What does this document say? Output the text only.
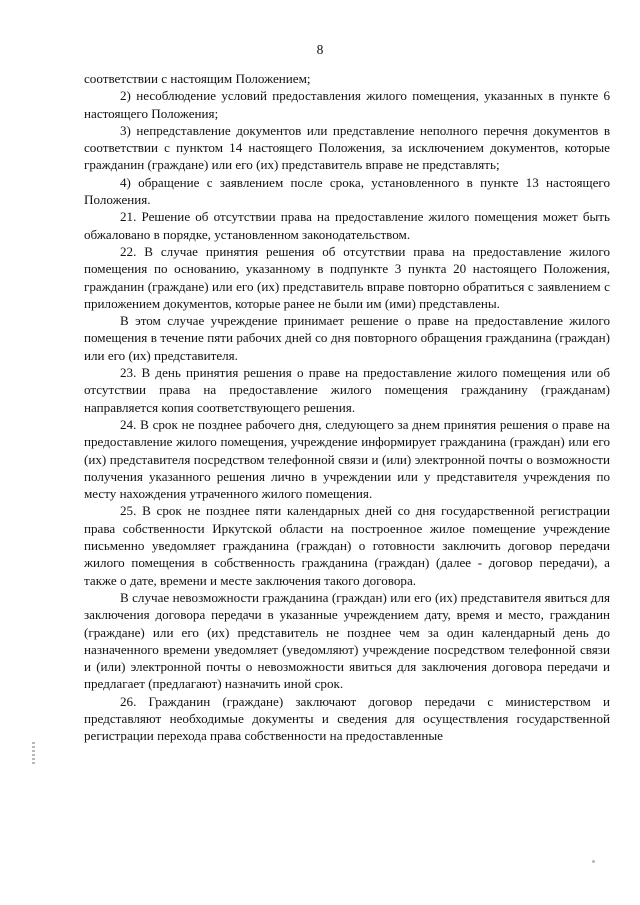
8

соответствии с настоящим Положением;

2) несоблюдение условий предоставления жилого помещения, указанных в пункте 6 настоящего Положения;

3) непредставление документов или представление неполного перечня документов в соответствии с пунктом 14 настоящего Положения, за исключением документов, которые гражданин (граждане) или его (их) представитель вправе не представлять;

4) обращение с заявлением после срока, установленного в пункте 13 настоящего Положения.

21. Решение об отсутствии права на предоставление жилого помещения может быть обжаловано в порядке, установленном законодательством.

22. В случае принятия решения об отсутствии права на предоставление жилого помещения по основанию, указанному в подпункте 3 пункта 20 настоящего Положения, гражданин (граждане) или его (их) представитель вправе повторно обратиться с заявлением с приложением документов, которые ранее не были им (ими) представлены.

В этом случае учреждение принимает решение о праве на предоставление жилого помещения в течение пяти рабочих дней со дня повторного обращения гражданина (граждан) или его (их) представителя.

23. В день принятия решения о праве на предоставление жилого помещения или об отсутствии права на предоставление жилого помещения гражданину (гражданам) направляется копия соответствующего решения.

24. В срок не позднее рабочего дня, следующего за днем принятия решения о праве на предоставление жилого помещения, учреждение информирует гражданина (граждан) или его (их) представителя посредством телефонной связи и (или) электронной почты о возможности получения указанного решения лично в учреждении или у представителя учреждения по месту нахождения утраченного жилого помещения.

25. В срок не позднее пяти календарных дней со дня государственной регистрации права собственности Иркутской области на построенное жилое помещение учреждение письменно уведомляет гражданина (граждан) о готовности заключить договор передачи жилого помещения в собственность гражданина (граждан) (далее - договор передачи), а также о дате, времени и месте заключения такого договора.

В случае невозможности гражданина (граждан) или его (их) представителя явиться для заключения договора передачи в указанные учреждением дату, время и место, гражданин (граждане) или его (их) представитель не позднее чем за один календарный день до назначенного времени уведомляет (уведомляют) учреждение посредством телефонной связи и (или) электронной почты о невозможности явиться для заключения договора передачи и предлагает (предлагают) назначить иной срок.

26. Гражданин (граждане) заключают договор передачи с министерством и представляют необходимые документы и сведения для осуществления государственной регистрации перехода права собственности на предоставленные
